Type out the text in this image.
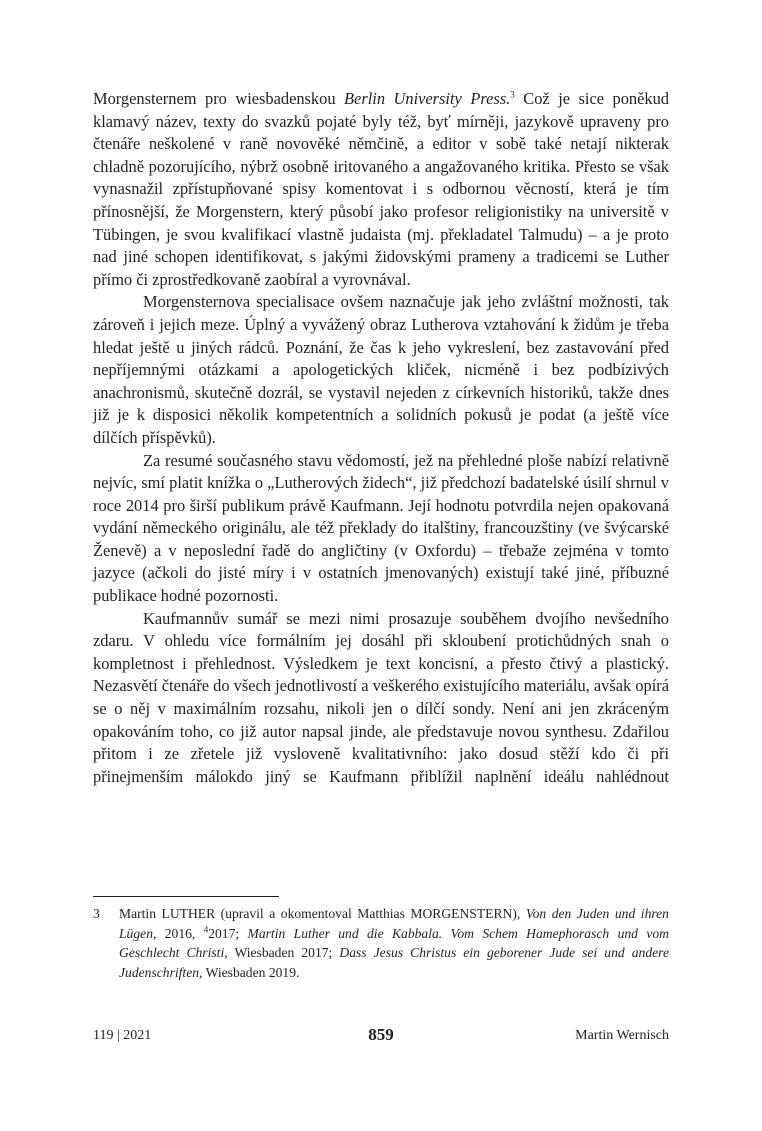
Morgensternem pro wiesbadenskou Berlin University Press.$^3$ Což je sice poněkud klamavý název, texty do svazků pojaté byly též, byť mírněji, jazykově upraveny pro čtenáře neškolené v raně novověké němčině, a editor v sobě také netají nikterak chladně pozorujícího, nýbrž osobně iritovaného a angažovaného kritika. Přesto se však vynasnažil zpřístupňované spisy komentovat i s odbornou věcností, která je tím přínosnější, že Morgenstern, který působí jako profesor religionistiky na universitě v Tübingen, je svou kvalifikací vlastně judaista (mj. překladatel Talmudu) – a je proto nad jiné schopen identifikovat, s jakými židovskými prameny a tradicemi se Luther přímo či zprostředkovaně zaobíral a vyrovnával.

Morgensternova specialisace ovšem naznačuje jak jeho zvláštní možnosti, tak zároveň i jejich meze. Úplný a vyvážený obraz Lutherova vztahování k židům je třeba hledat ještě u jiných rádců. Poznání, že čas k jeho vykreslení, bez zastavování před nepříjemnými otázkami a apologetických kliček, nicméně i bez podbízivých anachronismů, skutečně dozrál, se vystavil nejeden z církevních historiků, takže dnes již je k disposici několik kompetentních a solidních pokusů je podat (a ještě více dílčích příspěvků).

Za resumé současného stavu vědomostí, jež na přehledné ploše nabízí relativně nejvíc, smí platit knížka o „Lutherových židech“, již předchozí badatelské úsilí shrnul v roce 2014 pro širší publikum právě Kaufmann. Její hodnotu potvrdila nejen opakovaná vydání německého originálu, ale též překlady do italštiny, francouzštiny (ve švýcarské Ženevě) a v neposlední řadě do angličtiny (v Oxfordu) – třebaže zejména v tomto jazyce (ačkoli do jisté míry i v ostatních jmenovaných) existují také jiné, příbuzné publikace hodné pozornosti.

Kaufmannův sumář se mezi nimi prosazuje souběhem dvojího nevšedního zdaru. V ohledu více formálním jej dosáhl při skloubení protichůdných snah o kompletnost i přehlednost. Výsledkem je text koncisní, a přesto čtivý a plastický. Nezasvětí čtenáře do všech jednotlivostí a veškerého existujícího materiálu, avšak opírá se o něj v maximálním rozsahu, nikoli jen o dílčí sondy. Není ani jen zkráceným opakováním toho, co již autor napsal jinde, ale představuje novou synthesu. Zdařilou přitom i ze zřetele již vysloveně kvalitativního: jako dosud stěží kdo či při přinejmenším málokdo jiný se Kaufmann přiblížil naplnění ideálu nahlédnout

3 Martin LUTHER (upravil a okomentoval Matthias MORGENSTERN), Von den Juden und ihren Lügen, 2016, $^4$2017; Martin Luther und die Kabbala. Vom Schem Hamephorasch und vom Geschlecht Christi, Wiesbaden 2017; Dass Jesus Christus ein geborener Jude sei und andere Judenschriften, Wiesbaden 2019.
119 | 2021	859	Martin Wernisch
